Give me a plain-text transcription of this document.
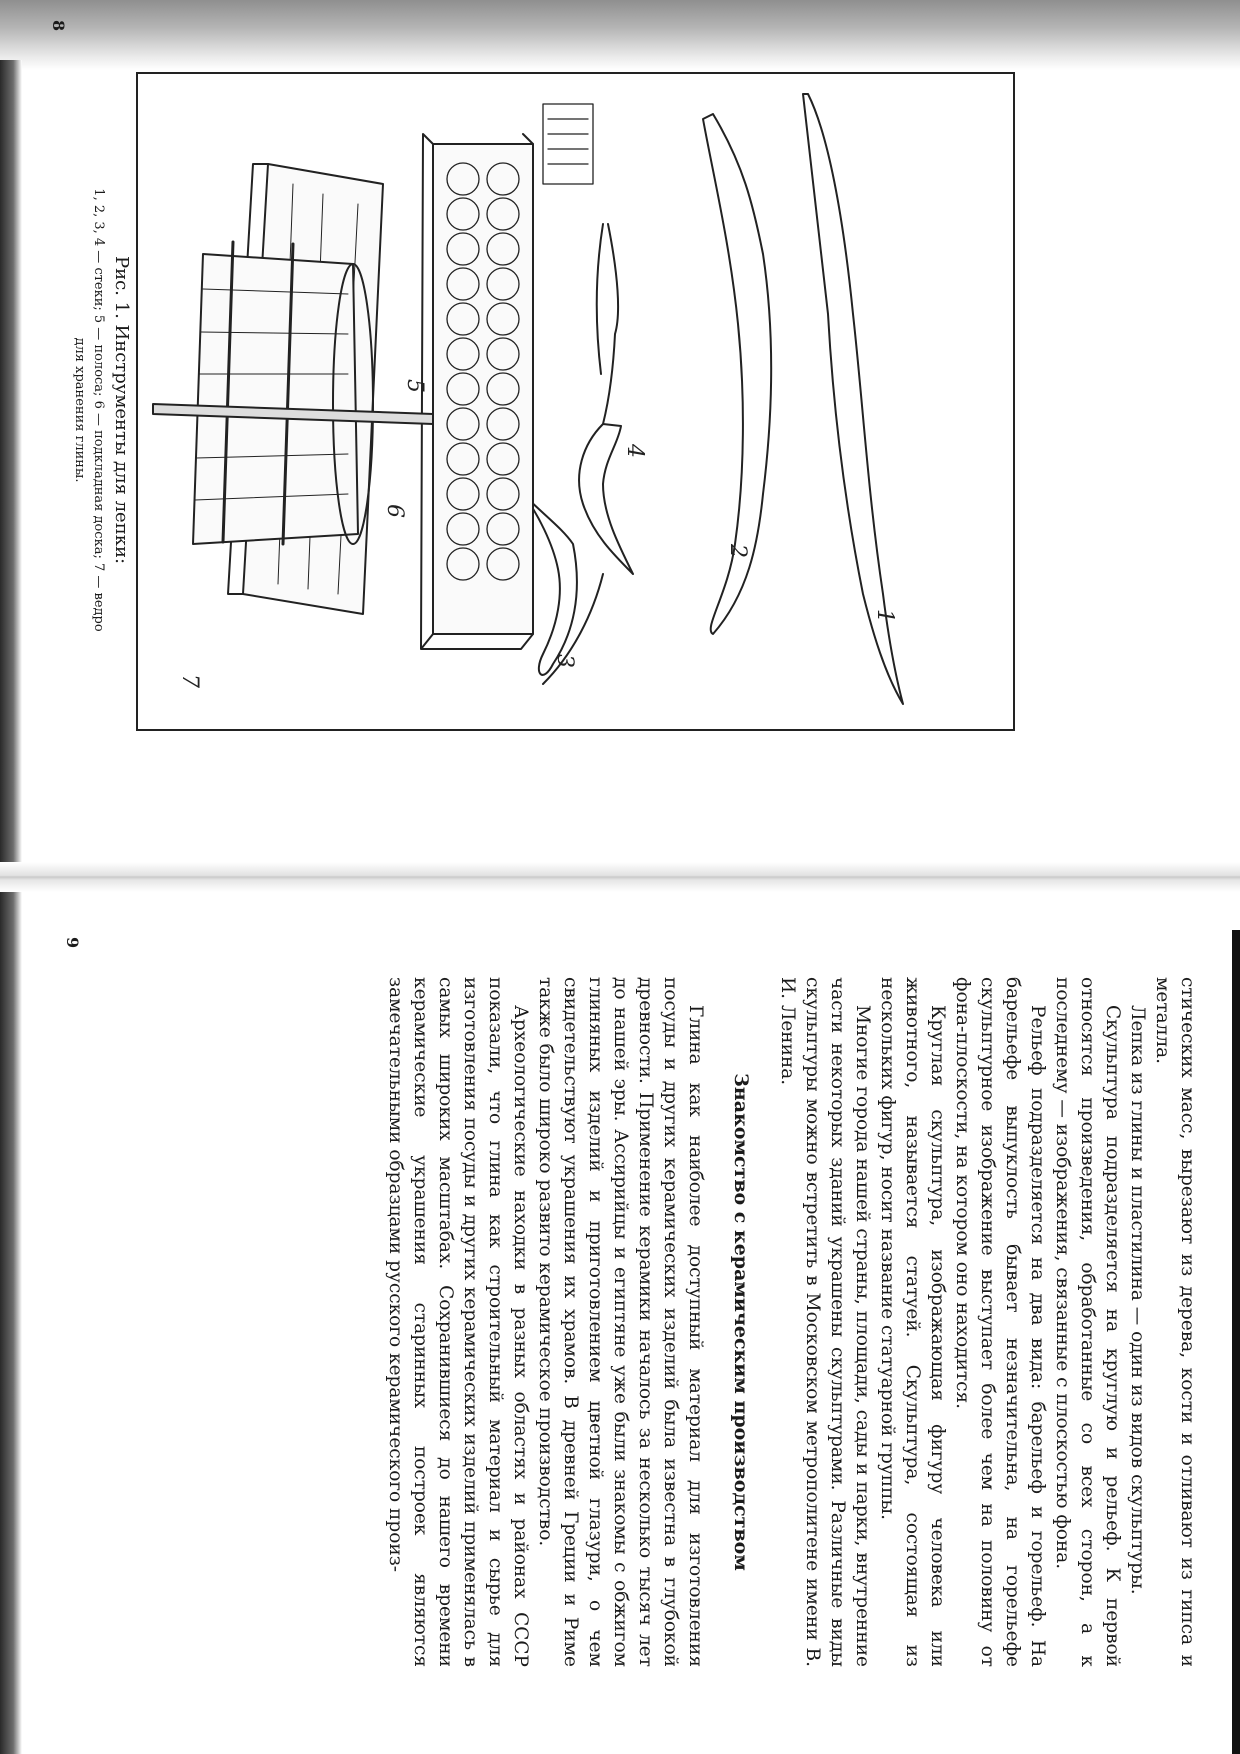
1
2
3
4
5
6
7
Рис. 1. Инструменты для лепки:
1, 2, 3, 4 — стеки; 5 — полоса; 6 — подкладная доска; 7 — ведро
для хранения глины.
8

стических масс, вырезают из дерева, кости и отливают из гипса и металла.

Лепка из глины и пластилина — один из видов скульптуры.

Скульптура подразделяется на круглую и рельеф. К первой относятся произведения, обработанные со всех сторон, а к последнему — изображения, связанные с плоскостью фона.

Рельеф подразделяется на два вида: барельеф и горельеф. На барельефе выпуклость бывает незначительна, на горельефе скульптурное изображение выступает более чем на половину от фона-плоскости, на котором оно находится.

Круглая скульптура, изображающая фигуру человека или животного, называется статуей. Скульптура, состоящая из нескольких фигур, носит название статуарной группы.

Многие города нашей страны, площади, сады и парки, внутренние части некоторых зданий украшены скульптурами. Различные виды скульптуры можно встретить в Московском метрополитене имени В. И. Ленина.

Знакомство с керамическим производством

Глина как наиболее доступный материал для изготовления посуды и других керамических изделий была известна в глубокой древности. Применение керамики началось за несколько тысяч лет до нашей эры. Ассирийцы и египтяне уже были знакомы с обжигом глиняных изделий и приготовлением цветной глазури, о чем свидетельствуют украшения их храмов. В древней Греции и Риме также было широко развито керамическое производство.

Археологические находки в разных областях и районах СССР показали, что глина как строительный материал и сырье для изготовления посуды и других керамических изделий применялась в самых широких масштабах. Сохранившиеся до нашего времени керамические украшения старинных построек являются замечательными образцами русского керамического произ-

9
